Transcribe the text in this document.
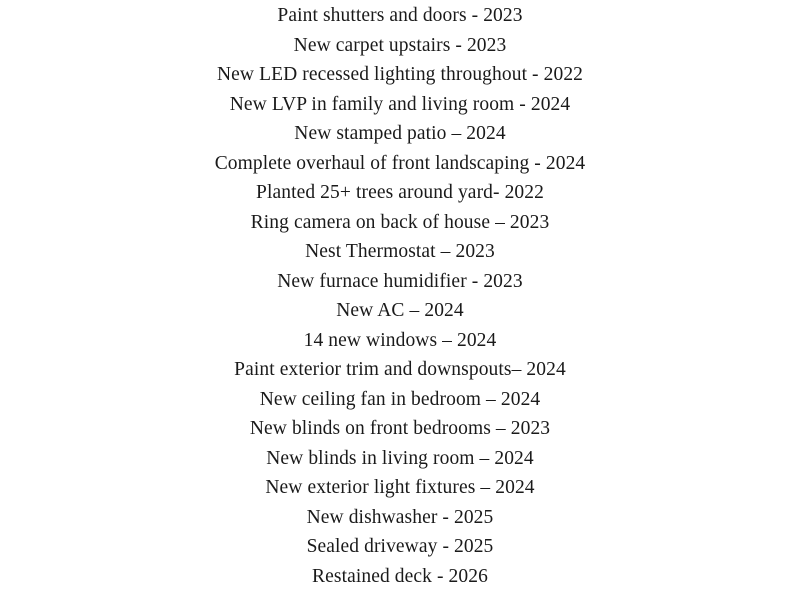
Paint shutters and doors - 2023
New carpet upstairs - 2023
New LED recessed lighting throughout - 2022
New LVP in family and living room - 2024
New stamped patio – 2024
Complete overhaul of front landscaping - 2024
Planted 25+ trees around yard- 2022
Ring camera on back of house – 2023
Nest Thermostat – 2023
New furnace humidifier - 2023
New AC – 2024
14 new windows – 2024
Paint exterior trim and downspouts– 2024
New ceiling fan in bedroom – 2024
New blinds on front bedrooms – 2023
New blinds in living room – 2024
New exterior light fixtures – 2024
New dishwasher - 2025
Sealed driveway - 2025
Restained deck - 2026
